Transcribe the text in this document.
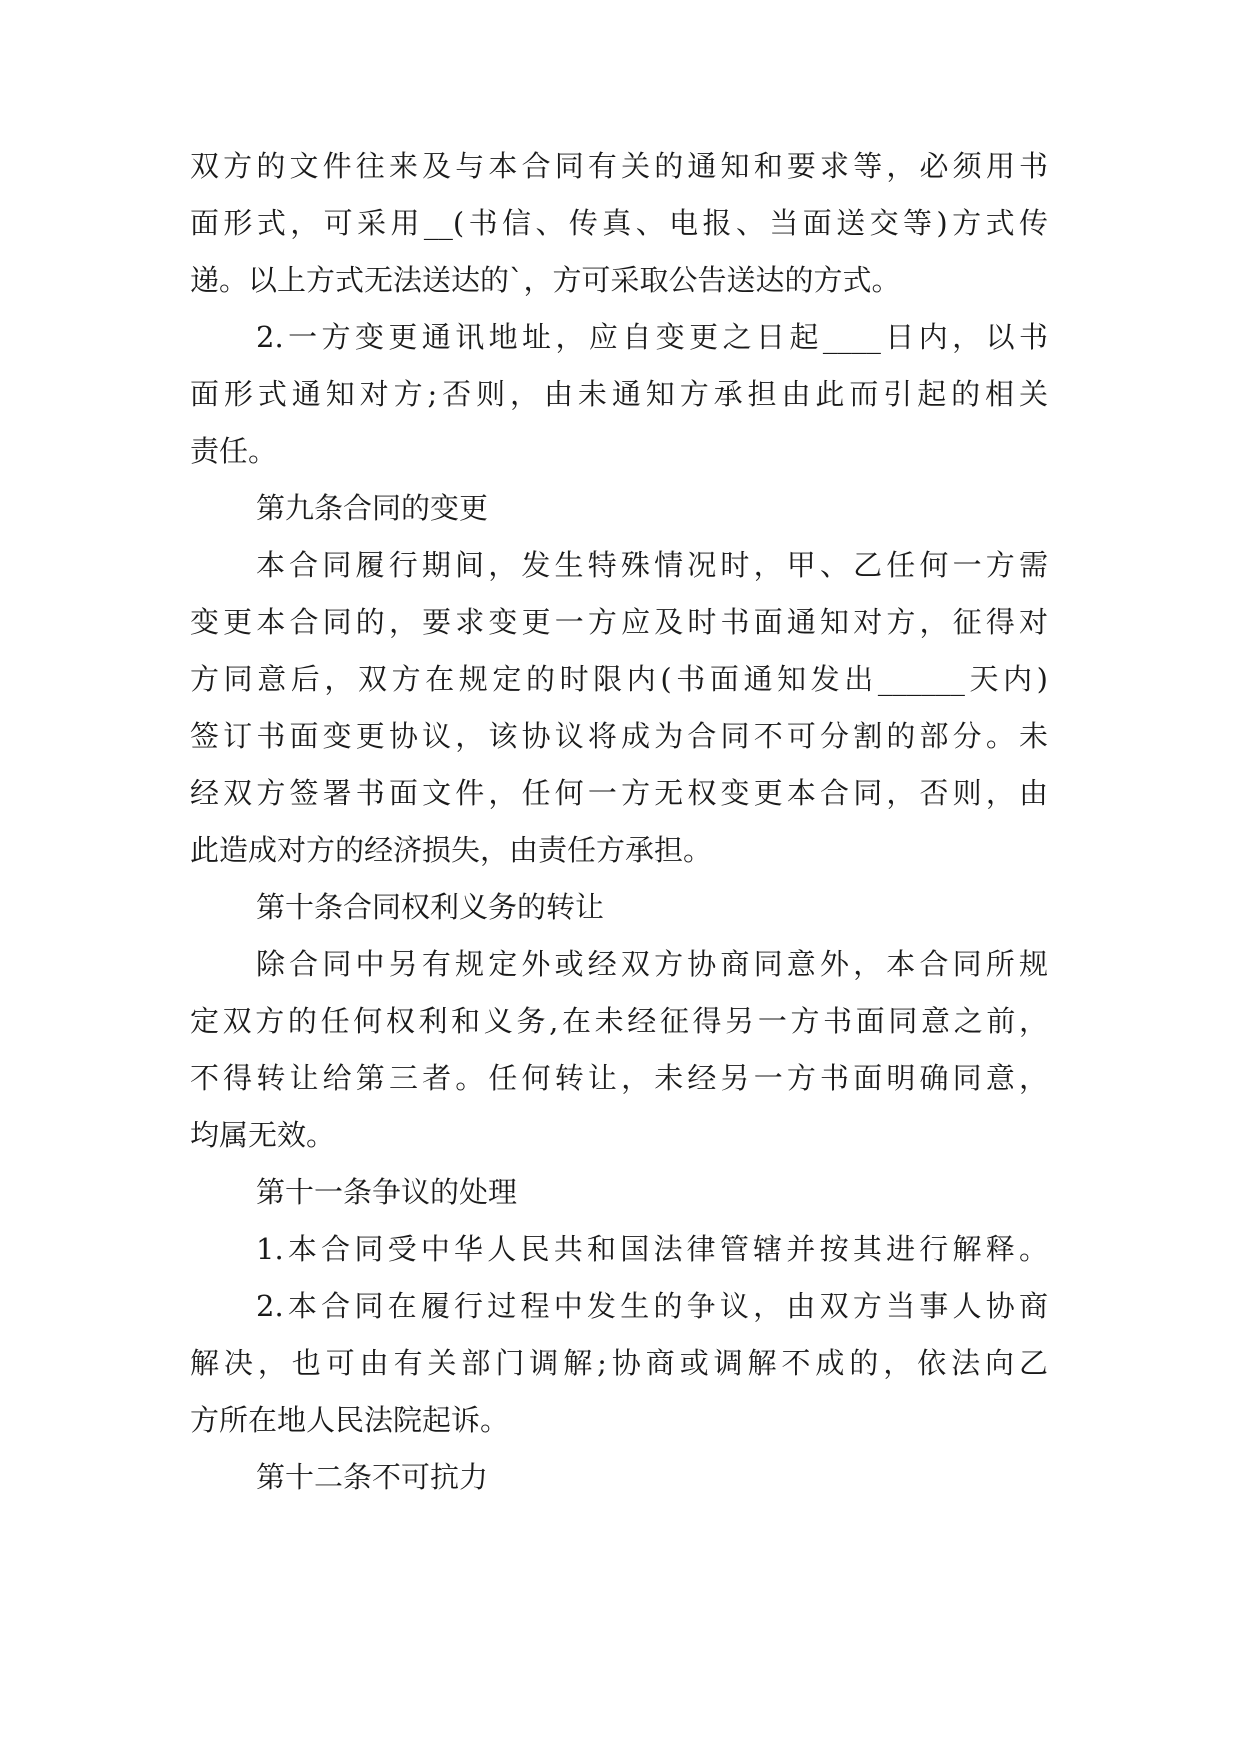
双方的文件往来及与本合同有关的通知和要求等，必须用书
面形式，可采用__(书信、传真、电报、当面送交等)方式传
递。以上方式无法送达的`，方可采取公告送达的方式。
2.一方变更通讯地址，应自变更之日起____日内，以书
面形式通知对方;否则，由未通知方承担由此而引起的相关
责任。
第九条合同的变更
本合同履行期间，发生特殊情况时，甲、乙任何一方需
变更本合同的，要求变更一方应及时书面通知对方，征得对
方同意后，双方在规定的时限内(书面通知发出______天内)
签订书面变更协议，该协议将成为合同不可分割的部分。未
经双方签署书面文件，任何一方无权变更本合同，否则，由
此造成对方的经济损失，由责任方承担。
第十条合同权利义务的转让
除合同中另有规定外或经双方协商同意外，本合同所规
定双方的任何权利和义务,在未经征得另一方书面同意之前，
不得转让给第三者。任何转让，未经另一方书面明确同意，
均属无效。
第十一条争议的处理
1.本合同受中华人民共和国法律管辖并按其进行解释。
2.本合同在履行过程中发生的争议，由双方当事人协商
解决，也可由有关部门调解;协商或调解不成的，依法向乙
方所在地人民法院起诉。
第十二条不可抗力
